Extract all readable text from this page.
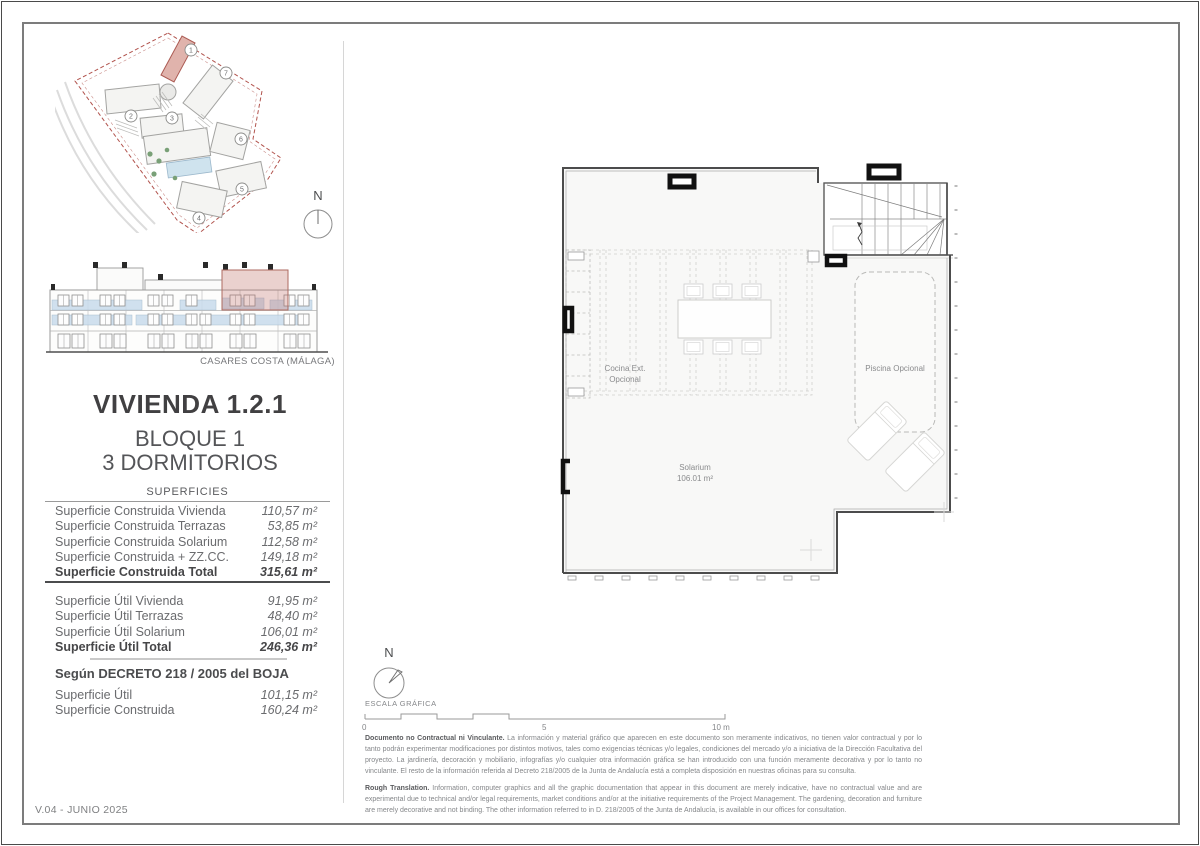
1
2	3
4
5
6
7
N
CASARES COSTA (MÁLAGA)
VIVIENDA 1.2.1
BLOQUE 1
3 DORMITORIOS
SUPERFICIES
Superficie Construida Vivienda	110,57 m²
Superficie Construida Terrazas	53,85 m²
Superficie Construida Solarium	112,58 m²
Superficie Construida + ZZ.CC.	149,18 m²
Superficie Construida Total	315,61 m²
Superficie Útil Vivienda	91,95 m²
Superficie Útil Terrazas	48,40 m²
Superficie Útil Solarium	106,01 m²
Superficie Útil Total	246,36 m²
Según DECRETO 218 / 2005 del BOJA
Superficie Útil	101,15 m²
Superficie Construida	160,24 m²
Cocina Ext.
Opcional
Piscina Opcional
Solarium
106.01 m²
N
ESCALA GRÁFICA
0	5	10 m

Documento no Contractual ni Vinculante. La información y material gráfico que aparecen en este documento son meramente indicativos, no tienen valor contractual y por lo tanto podrán experimentar modificaciones por distintos motivos, tales como exigencias técnicas y/o legales, condiciones del mercado y/o a iniciativa de la Dirección Facultativa del proyecto. La jardinería, decoración y mobiliario, infografías y/o cualquier otra información gráfica se han introducido con una función meramente decorativa y por lo tanto no vinculante. El resto de la información referida al Decreto 218/2005 de la Junta de Andalucía está a completa disposición en nuestras oficinas para su consulta.

Rough Translation. Information, computer graphics and all the graphic documentation that appear in this document are merely indicative, have no contractual value and are experimental due to technical and/or legal requirements, market conditions and/or at the initiative requirements of the Project Management. The gardening, decoration and furniture are merely decorative and not binding. The other information referred to in D. 218/2005 of the Junta de Andalucía, is available in our offices for consultation.

V.04 - JUNIO 2025
